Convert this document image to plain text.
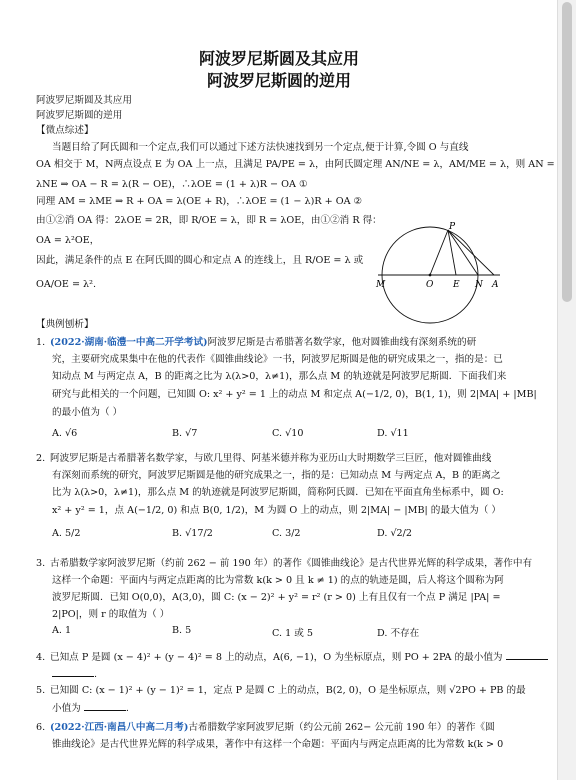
阿波罗尼斯圆及其应用
阿波罗尼斯圆的逆用
阿波罗尼斯圆及其应用
阿波罗尼斯圆的逆用
【微点综述】
当题目给了阿氏圆和一个定点,我们可以通过下述方法快速找到另一个定点,便于计算,令圆 O 与直线
OA 相交于 M，N两点设点 E 为 OA 上一点，且满足 PA/PE = λ，由阿氏圆定理 AN/NE = λ，AM/ME = λ，则 AN =
λNE ⇒ OA − R = λ(R − OE)，∴λOE = (1 + λ)R − OA ①
同理 AM = λME ⇒ R + OA = λ(OE + R)，∴λOE = (1 − λ)R + OA ②
由①②消 OA 得：2λOE = 2R，即 R/OE = λ，即 R = λOE，由①②消 R 得：
OA = λ²OE，
因此，满足条件的点 E 在阿氏圆的圆心和定点 A 的连线上，且 R/OE = λ 或
OA/OE = λ².
P
M	O E N A
【典例刨析】
1. (2022·湖南·临澧一中高二开学考试)阿波罗尼斯是古希腊著名数学家，他对圆锥曲线有深刻系统的研
究，主要研究成果集中在他的代表作《圆锥曲线论》一书，阿波罗尼斯圆是他的研究成果之一，指的是：已
知动点 M 与两定点 A，B 的距离之比为 λ(λ>0，λ≠1)，那么点 M 的轨迹就是阿波罗尼斯圆．下面我们来
研究与此相关的一个问题，已知圆 O: x² + y² = 1 上的动点 M 和定点 A(−1/2, 0)，B(1, 1)，则 2|MA| + |MB|
的最小值为（ ）
A. √6	B. √7	C. √10	D. √11
2. 阿波罗尼斯是古希腊著名数学家，与欧几里得、阿基米德并称为亚历山大时期数学三巨匠，他对圆锥曲线
有深刻而系统的研究，阿波罗尼斯圆是他的研究成果之一，指的是：已知动点 M 与两定点 A，B 的距离之
比为 λ(λ>0，λ≠1)，那么点 M 的轨迹就是阿波罗尼斯圆，简称阿氏圆．已知在平面直角坐标系中，圆 O:
x² + y² = 1，点 A(−1/2, 0) 和点 B(0, 1/2)，M 为圆 O 上的动点，则 2|MA| − |MB| 的最大值为（ ）
A. 5/2	B. √17/2	C. 3/2	D. √2/2
3. 古希腊数学家阿波罗尼斯（约前 262 − 前 190 年）的著作《圆锥曲线论》是古代世界光辉的科学成果，著作中有
这样一个命题：平面内与两定点距离的比为常数 k(k > 0 且 k ≠ 1) 的点的轨迹是圆，后人将这个圆称为阿
波罗尼斯圆．已知 O(0,0)，A(3,0)，圆 C: (x − 2)² + y² = r² (r > 0) 上有且仅有一个点 P 满足 |PA| =
2|PO|，则 r 的取值为（ ）
A. 1	B. 5	C. 1 或 5	D. 不存在
4. 已知点 P 是圆 (x − 4)² + (y − 4)² = 8 上的动点，A(6, −1)，O 为坐标原点，则 PO + 2PA 的最小值为
.
5. 已知圆 C: (x − 1)² + (y − 1)² = 1，定点 P 是圆 C 上的动点，B(2, 0)，O 是坐标原点，则 √2PO + PB 的最
小值为	.
6. (2022·江西·南昌八中高二月考)古希腊数学家阿波罗尼斯（约公元前 262− 公元前 190 年）的著作《圆
锥曲线论》是古代世界光辉的科学成果，著作中有这样一个命题：平面内与两定点距离的比为常数 k(k > 0
